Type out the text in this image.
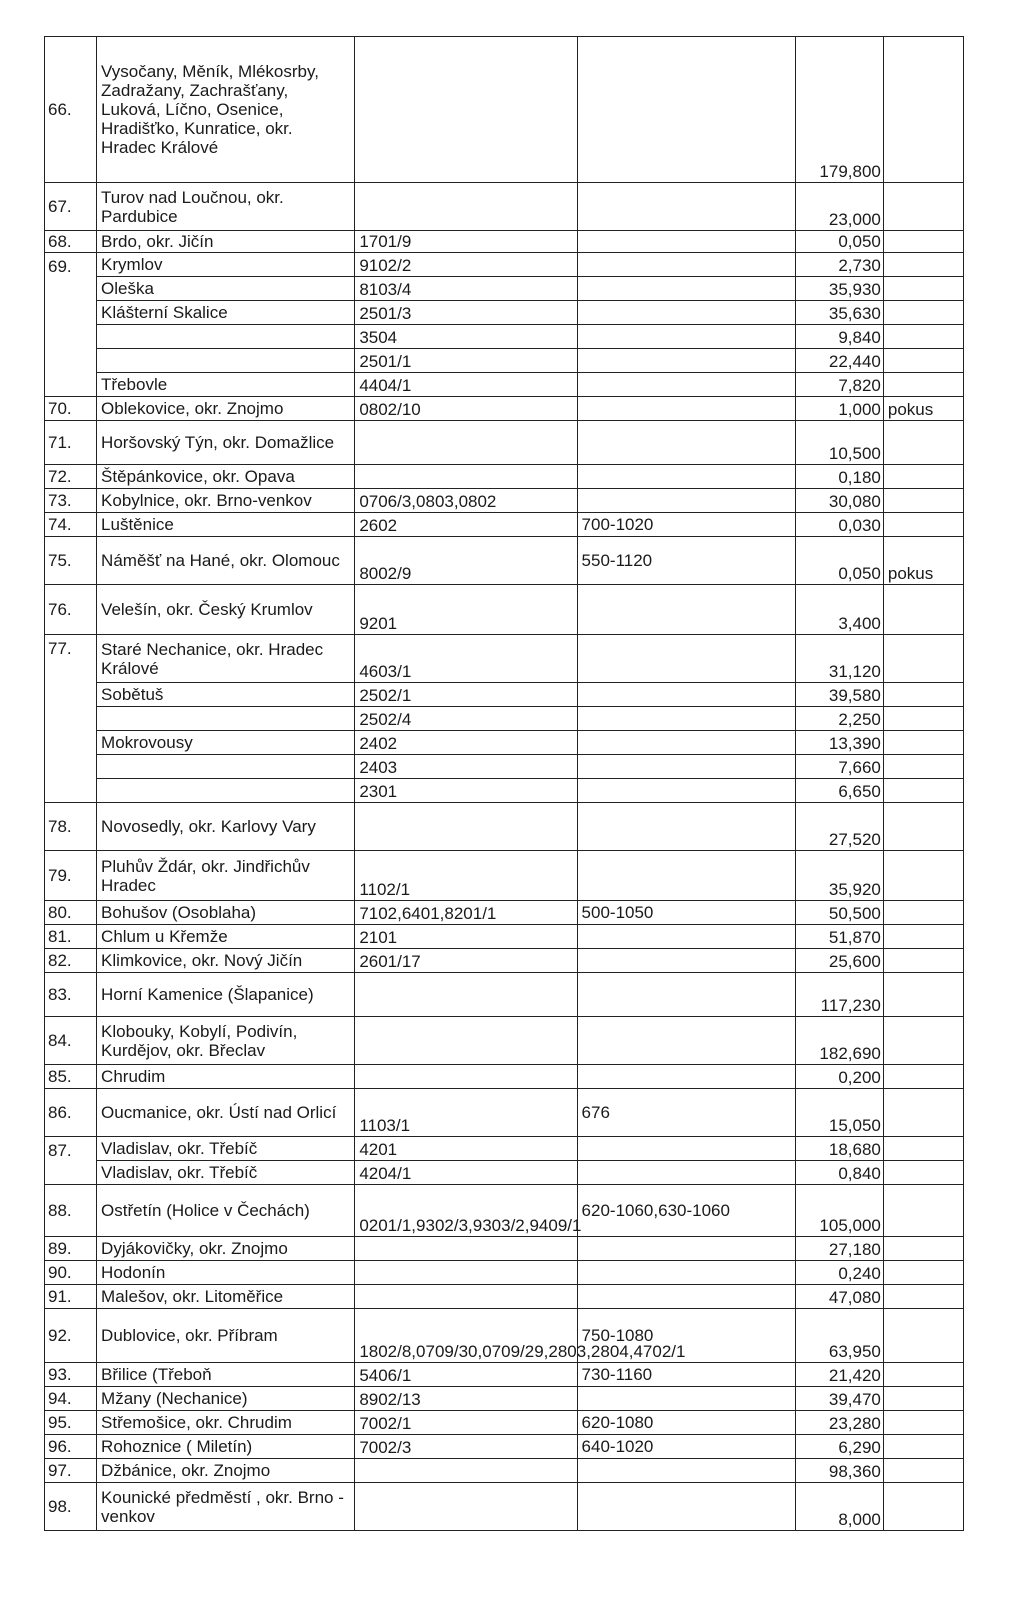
66.	Vysočany, Měník, Mlékosrby, Zadražany, Zachrašťany, Luková, Líčno, Osenice, Hradišťko, Kunratice, okr. Hradec Králové			179,800	
67.	Turov nad Loučnou, okr. Pardubice			23,000	
68.	Brdo, okr. Jičín	1701/9		0,050	
69.	Krymlov	9102/2		2,730	
	Oleška	8103/4		35,930	
	Klášterní Skalice	2501/3		35,630	
		3504		9,840	
		2501/1		22,440	
	Třebovle	4404/1		7,820	
70.	Oblekovice, okr. Znojmo	0802/10		1,000	pokus
71.	Horšovský Týn, okr. Domažlice			10,500	
72.	Štěpánkovice, okr. Opava			0,180	
73.	Kobylnice, okr. Brno-venkov	0706/3,0803,0802		30,080	
74.	Luštěnice	2602	700-1020	0,030	
75.	Náměšť na Hané, okr. Olomouc	8002/9	550-1120	0,050	pokus
76.	Velešín, okr. Český Krumlov	9201		3,400	
77.	Staré Nechanice, okr. Hradec Králové	4603/1		31,120	
	Sobětuš	2502/1		39,580	
		2502/4		2,250	
	Mokrovousy	2402		13,390	
		2403		7,660	
		2301		6,650	
78.	Novosedly, okr. Karlovy Vary			27,520	
79.	Pluhův Ždár, okr. Jindřichův Hradec	1102/1		35,920	
80.	Bohušov (Osoblaha)	7102,6401,8201/1	500-1050	50,500	
81.	Chlum u Křemže	2101		51,870	
82.	Klimkovice, okr. Nový Jičín	2601/17		25,600	
83.	Horní Kamenice (Šlapanice)			117,230	
84.	Klobouky, Kobylí, Podivín, Kurdějov, okr. Břeclav			182,690	
85.	Chrudim			0,200	
86.	Oucmanice, okr. Ústí nad Orlicí	1103/1	676	15,050	
87.	Vladislav, okr. Třebíč	4201		18,680	
	Vladislav, okr. Třebíč	4204/1		0,840	
88.	Ostřetín (Holice v Čechách)	0201/1,9302/3,9303/2,9409/1	620-1060,630-1060	105,000	
89.	Dyjákovičky, okr. Znojmo			27,180	
90.	Hodonín			0,240	
91.	Malešov, okr. Litoměřice			47,080	
92.	Dublovice, okr. Příbram	1802/8,0709/30,0709/29,2803,2804,4702/1	750-1080	63,950	
93.	Břilice (Třeboň	5406/1	730-1160	21,420	
94.	Mžany (Nechanice)	8902/13		39,470	
95.	Střemošice, okr. Chrudim	7002/1	620-1080	23,280	
96.	Rohoznice ( Miletín)	7002/3	640-1020	6,290	
97.	Džbánice, okr. Znojmo			98,360	
98.	Kounické předměstí , okr. Brno - venkov			8,000	
